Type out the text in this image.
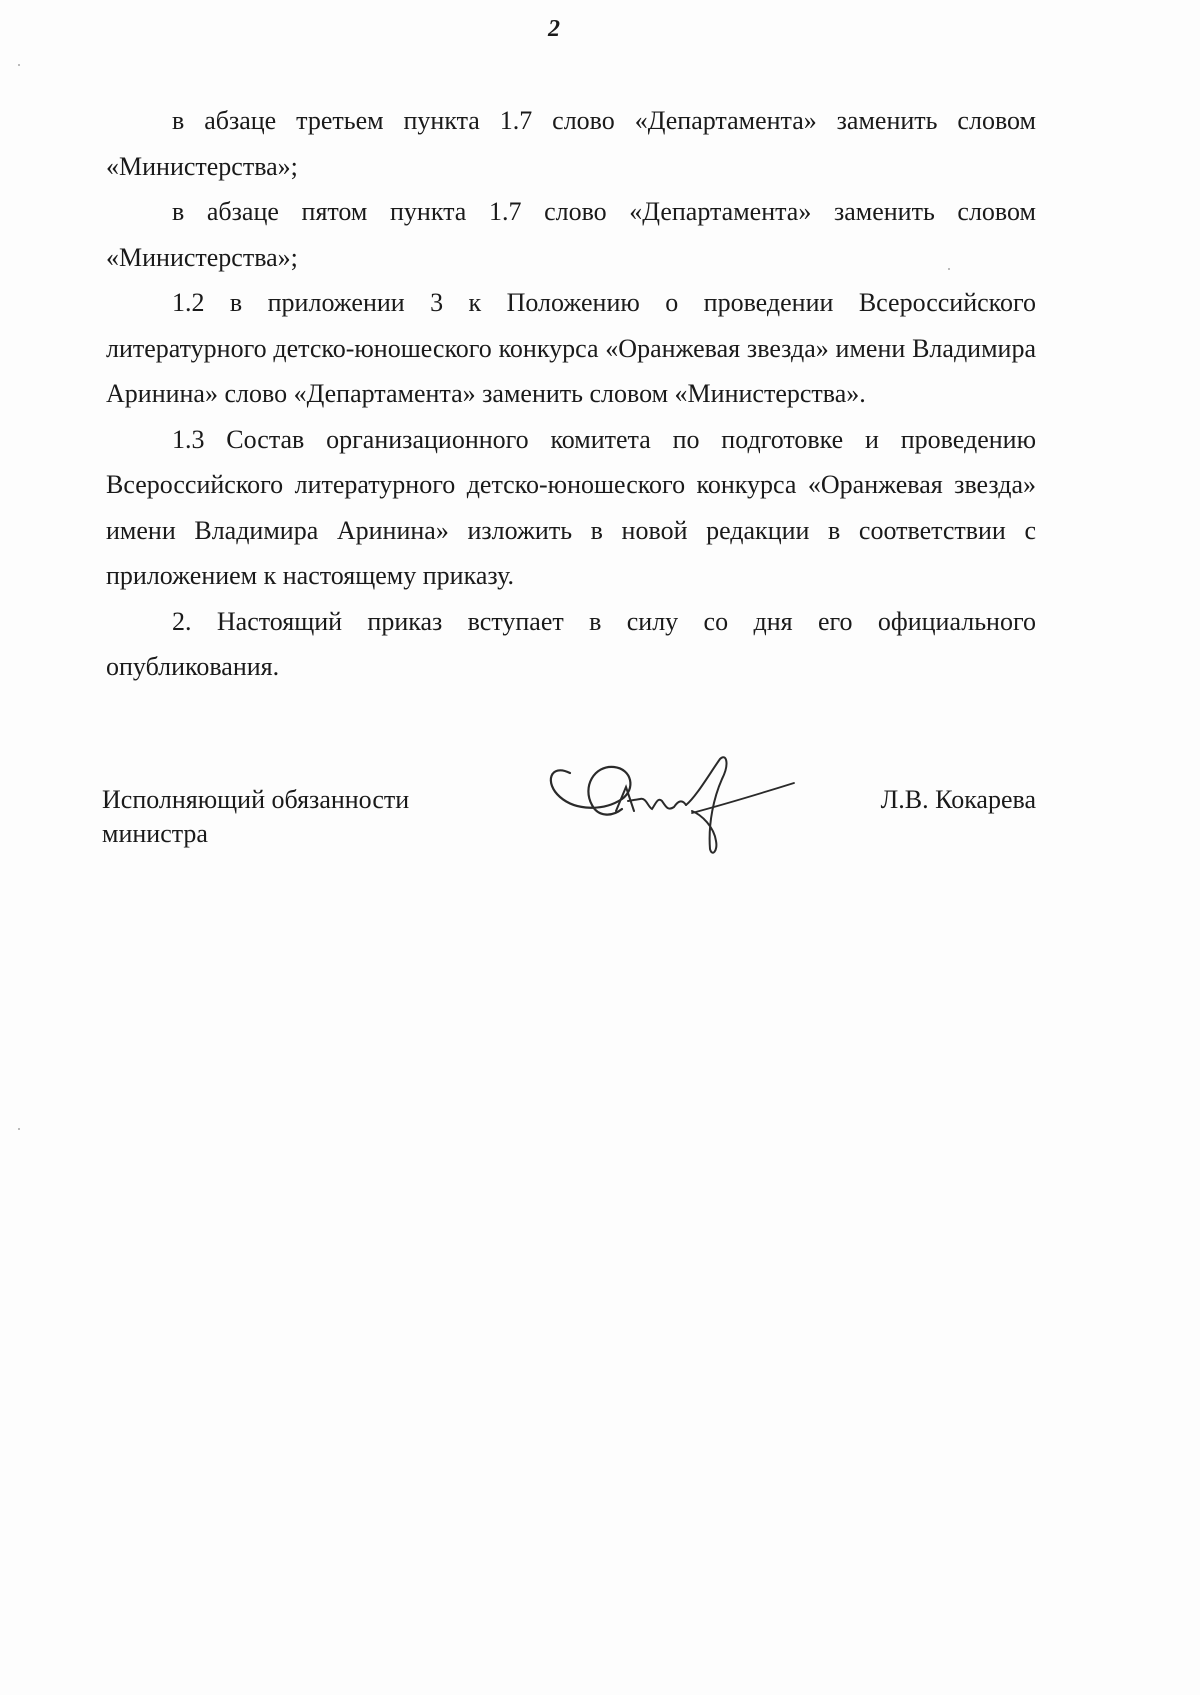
2

в абзаце третьем пункта 1.7 слово «Департамента» заменить словом «Министерства»;

в абзаце пятом пункта 1.7 слово «Департамента» заменить словом «Министерства»;

1.2 в приложении 3 к Положению о проведении Всероссийского литературного детско-юношеского конкурса «Оранжевая звезда» имени Владимира Аринина» слово «Департамента» заменить словом «Министерства».

1.3 Состав организационного комитета по подготовке и проведению Всероссийского литературного детско-юношеского конкурса «Оранжевая звезда» имени Владимира Аринина» изложить в новой редакции в соответствии с приложением к настоящему приказу.

2. Настоящий приказ вступает в силу со дня его официального опубликования.

Исполняющий обязанности
министра
Л.В. Кокарева
